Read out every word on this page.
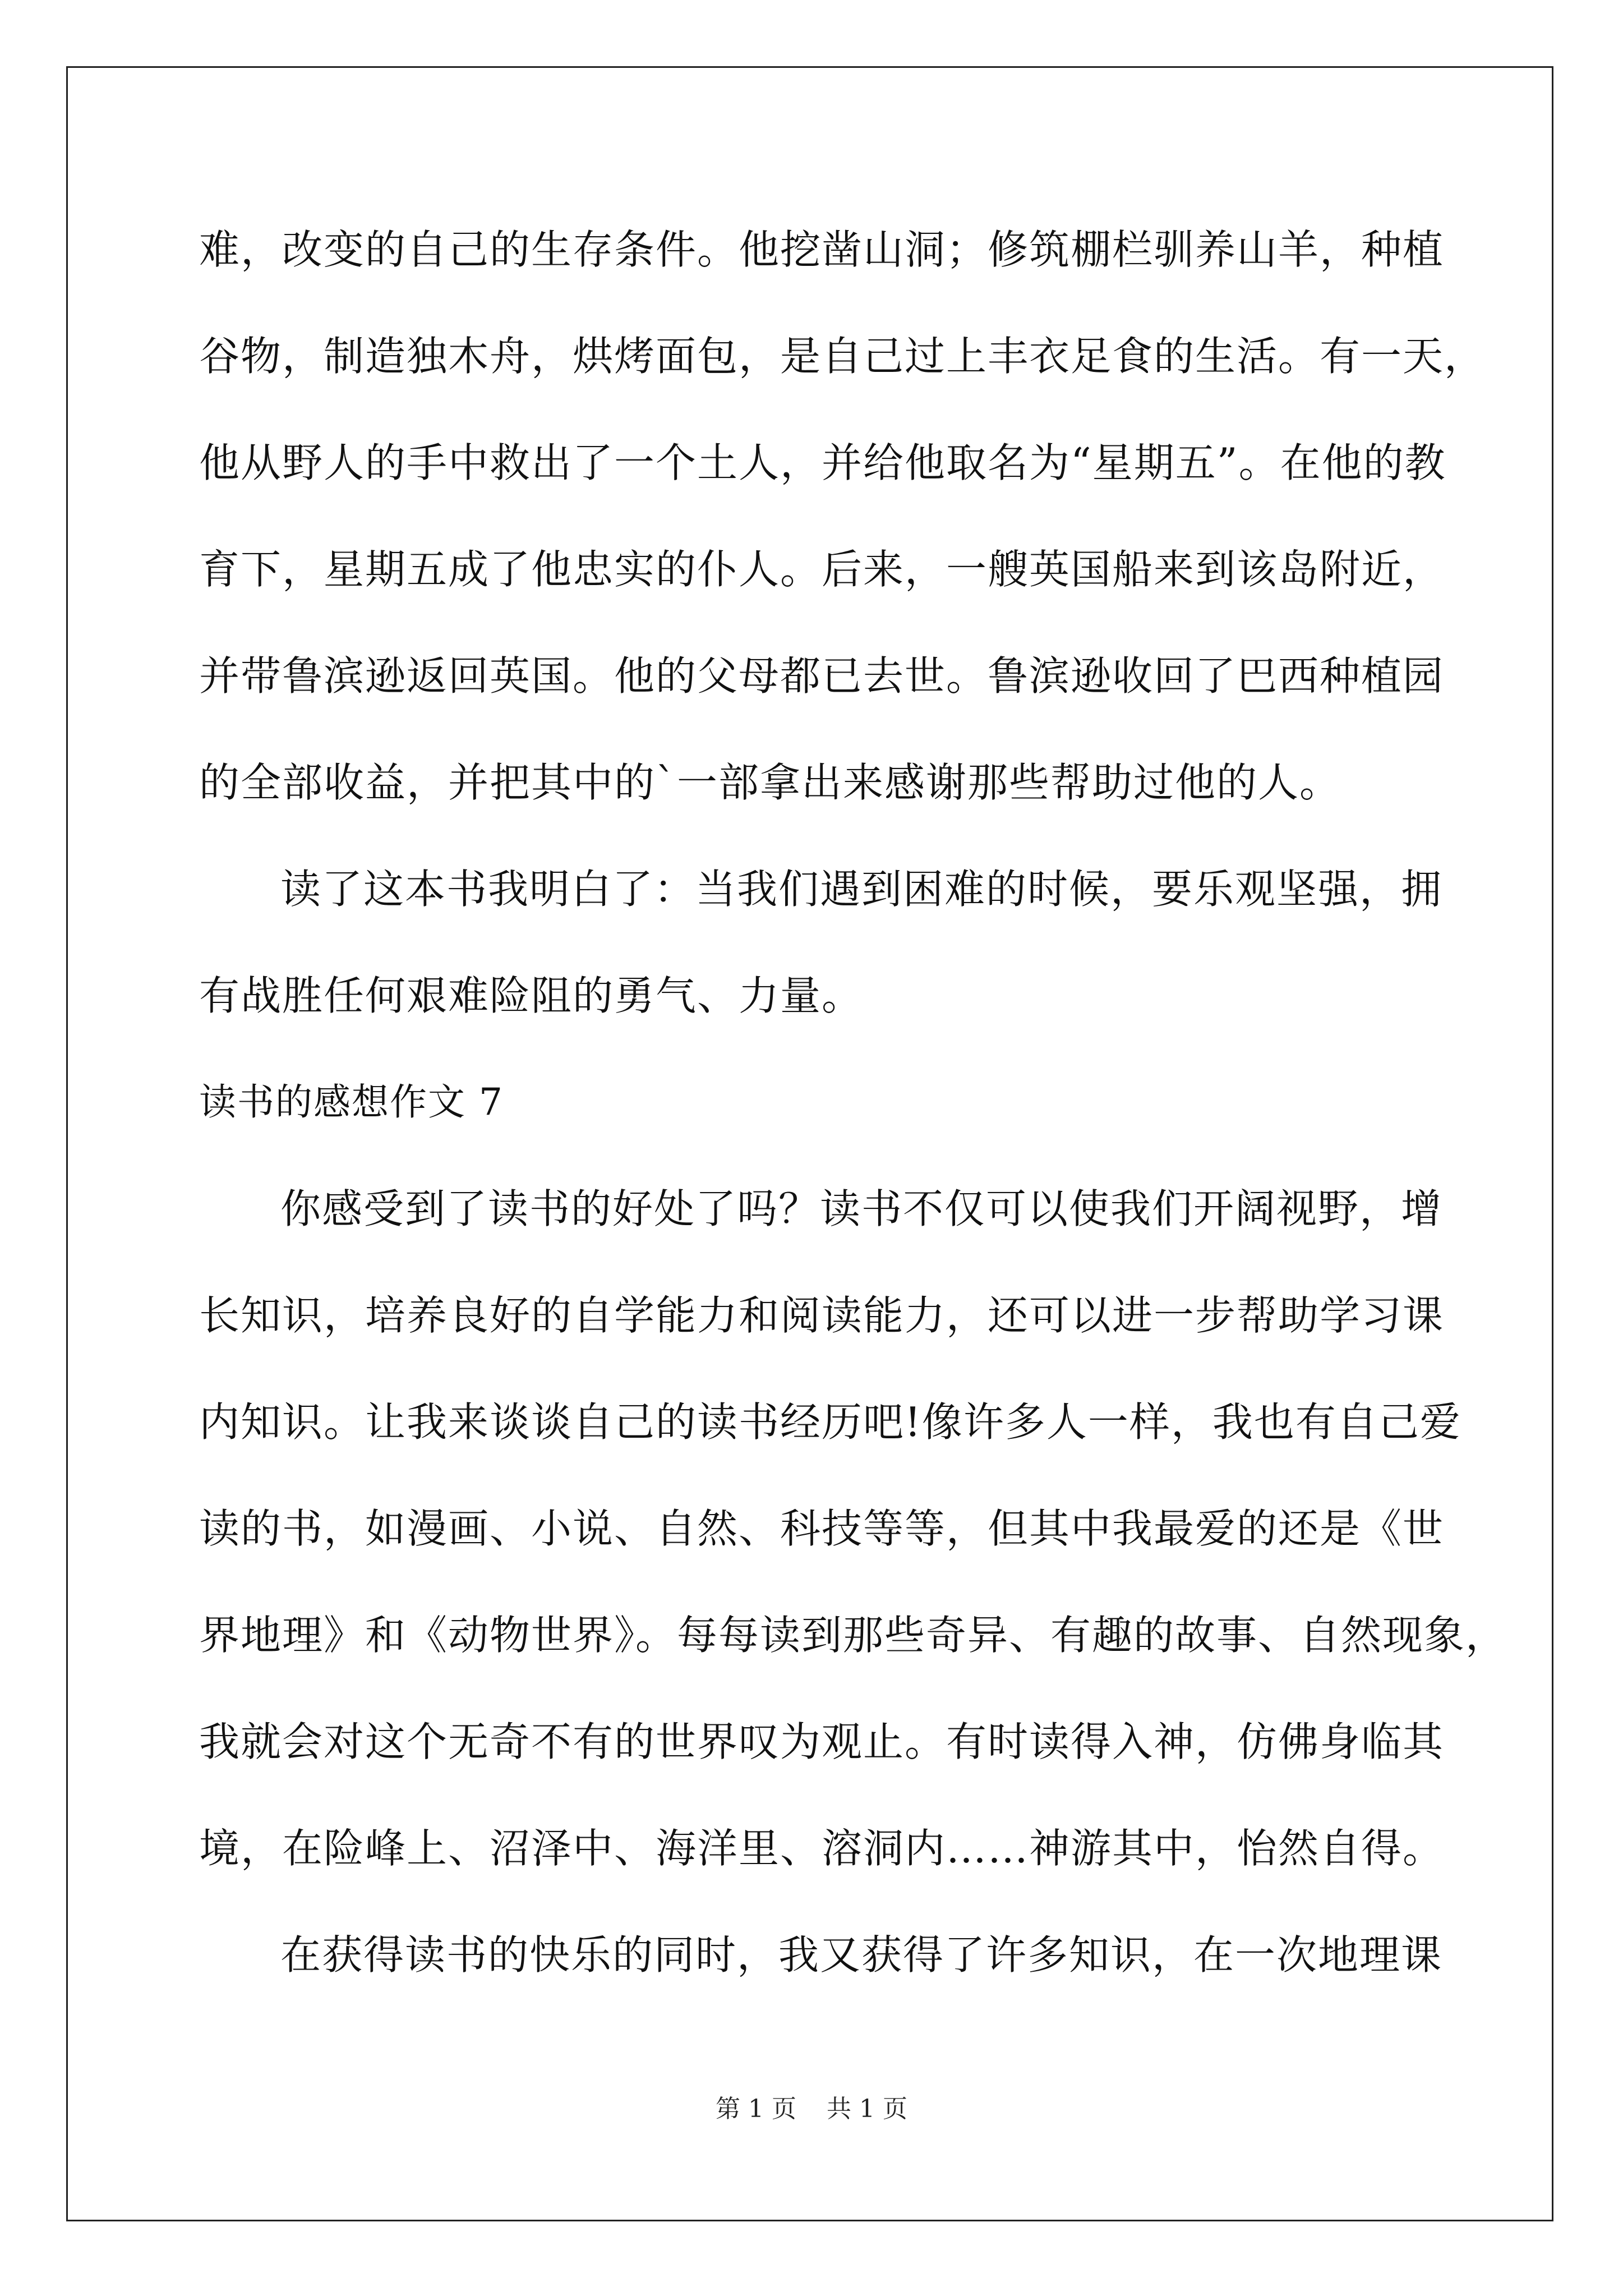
难，改变的自己的生存条件。他挖凿山洞；修筑棚栏驯养山羊，种植
谷物，制造独木舟，烘烤面包，是自己过上丰衣足食的生活。有一天，
他从野人的手中救出了一个土人，并给他取名为“星期五”。在他的教
育下，星期五成了他忠实的仆人。后来，一艘英国船来到该岛附近，
并带鲁滨逊返回英国。他的父母都已去世。鲁滨逊收回了巴西种植园
的全部收益，并把其中的`一部拿出来感谢那些帮助过他的人。
读了这本书我明白了：当我们遇到困难的时候，要乐观坚强，拥
有战胜任何艰难险阻的勇气、力量。
读书的感想作文 7
你感受到了读书的好处了吗？读书不仅可以使我们开阔视野，增
长知识，培养良好的自学能力和阅读能力，还可以进一步帮助学习课
内知识。让我来谈谈自己的读书经历吧!像许多人一样，我也有自己爱
读的书，如漫画、小说、自然、科技等等，但其中我最爱的还是《世
界地理》和《动物世界》。每每读到那些奇异、有趣的故事、自然现象，
我就会对这个无奇不有的世界叹为观止。有时读得入神，仿佛身临其
境，在险峰上、沼泽中、海洋里、溶洞内……神游其中，怡然自得。
在获得读书的快乐的同时，我又获得了许多知识，在一次地理课
第 1 页 共 1 页
